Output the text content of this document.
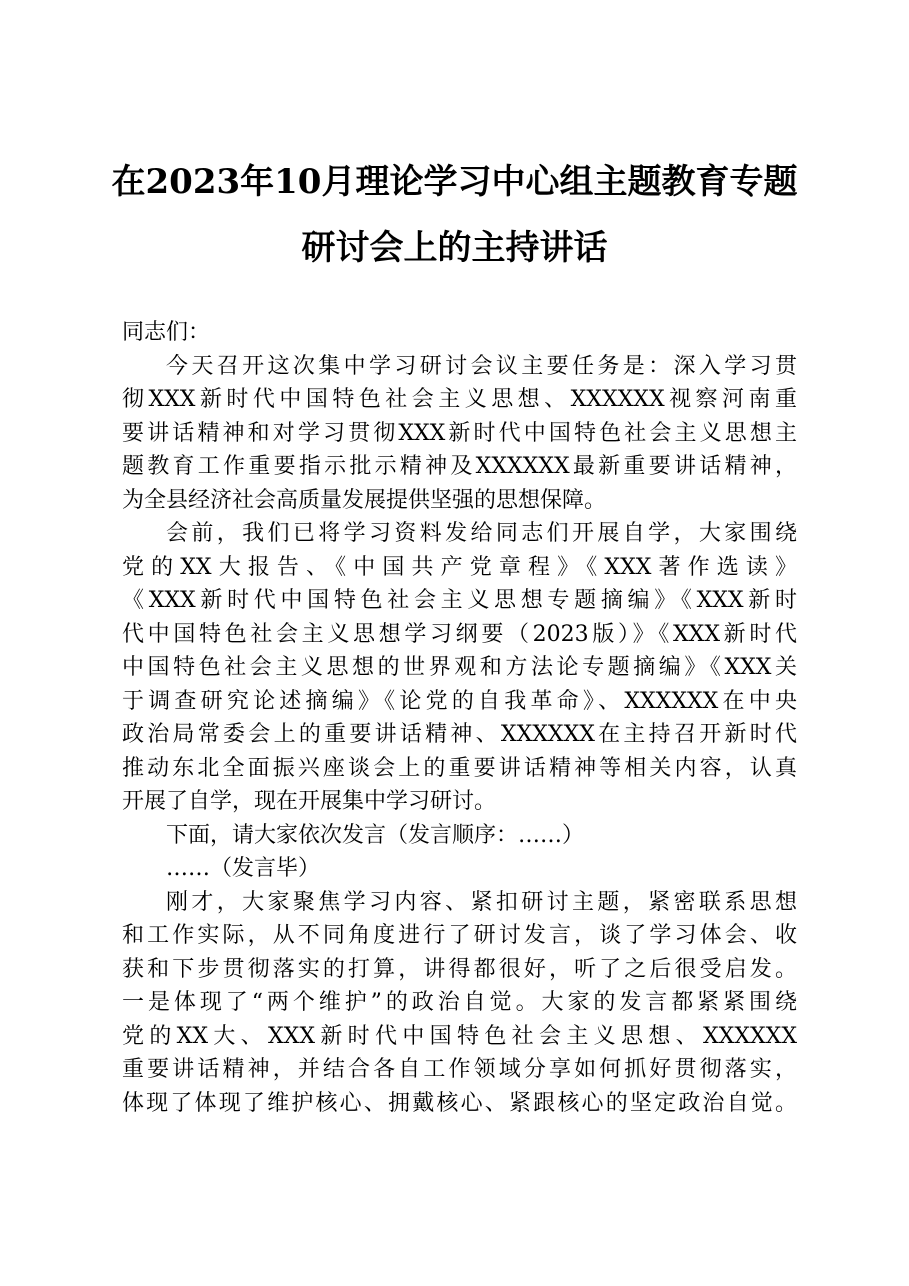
在2023年10月理论学习中心组主题教育专题
研讨会上的主持讲话
同志们：
今天召开这次集中学习研讨会议主要任务是：深入学习贯
彻XXX新时代中国特色社会主义思想、XXXXXX视察河南重
要讲话精神和对学习贯彻XXX新时代中国特色社会主义思想主
题教育工作重要指示批示精神及XXXXXX最新重要讲话精神，
为全县经济社会高质量发展提供坚强的思想保障。
会前，我们已将学习资料发给同志们开展自学，大家围绕
党的XX大报告、《中国共产党章程》《XXX著作选读》
《XXX新时代中国特色社会主义思想专题摘编》《XXX新时
代中国特色社会主义思想学习纲要（2023版）》《XXX新时代
中国特色社会主义思想的世界观和方法论专题摘编》《XXX关
于调查研究论述摘编》《论党的自我革命》、XXXXXX在中央
政治局常委会上的重要讲话精神、XXXXXX在主持召开新时代
推动东北全面振兴座谈会上的重要讲话精神等相关内容，认真
开展了自学，现在开展集中学习研讨。
下面，请大家依次发言（发言顺序：……）
……（发言毕）
刚才，大家聚焦学习内容、紧扣研讨主题，紧密联系思想
和工作实际，从不同角度进行了研讨发言，谈了学习体会、收
获和下步贯彻落实的打算，讲得都很好，听了之后很受启发。
一是体现了“两个维护”的政治自觉。大家的发言都紧紧围绕
党的XX大、XXX新时代中国特色社会主义思想、XXXXXX
重要讲话精神，并结合各自工作领域分享如何抓好贯彻落实，
体现了体现了维护核心、拥戴核心、紧跟核心的坚定政治自觉。
